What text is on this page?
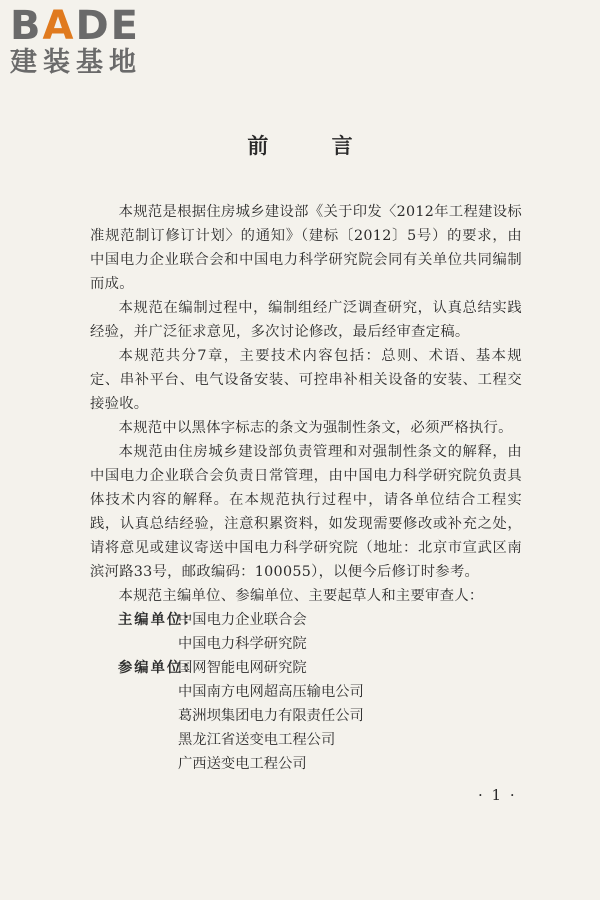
BADE
建装基地
前 言

本规范是根据住房城乡建设部《关于印发〈2012年工程建设标准规范制订修订计划〉的通知》（建标〔2012〕5号）的要求，由中国电力企业联合会和中国电力科学研究院会同有关单位共同编制而成。

本规范在编制过程中，编制组经广泛调查研究，认真总结实践经验，并广泛征求意见，多次讨论修改，最后经审查定稿。

本规范共分7章，主要技术内容包括：总则、术语、基本规定、串补平台、电气设备安装、可控串补相关设备的安装、工程交接验收。

本规范中以黑体字标志的条文为强制性条文，必须严格执行。

本规范由住房城乡建设部负责管理和对强制性条文的解释，由中国电力企业联合会负责日常管理，由中国电力科学研究院负责具体技术内容的解释。在本规范执行过程中，请各单位结合工程实践，认真总结经验，注意积累资料，如发现需要修改或补充之处，请将意见或建议寄送中国电力科学研究院（地址：北京市宣武区南滨河路33号，邮政编码：100055），以便今后修订时参考。

本规范主编单位、参编单位、主要起草人和主要审查人：

主编单位：
中国电力企业联合会
中国电力科学研究院
参编单位：
国网智能电网研究院
中国南方电网超高压输电公司
葛洲坝集团电力有限责任公司
黑龙江省送变电工程公司
广西送变电工程公司
· 1 ·
